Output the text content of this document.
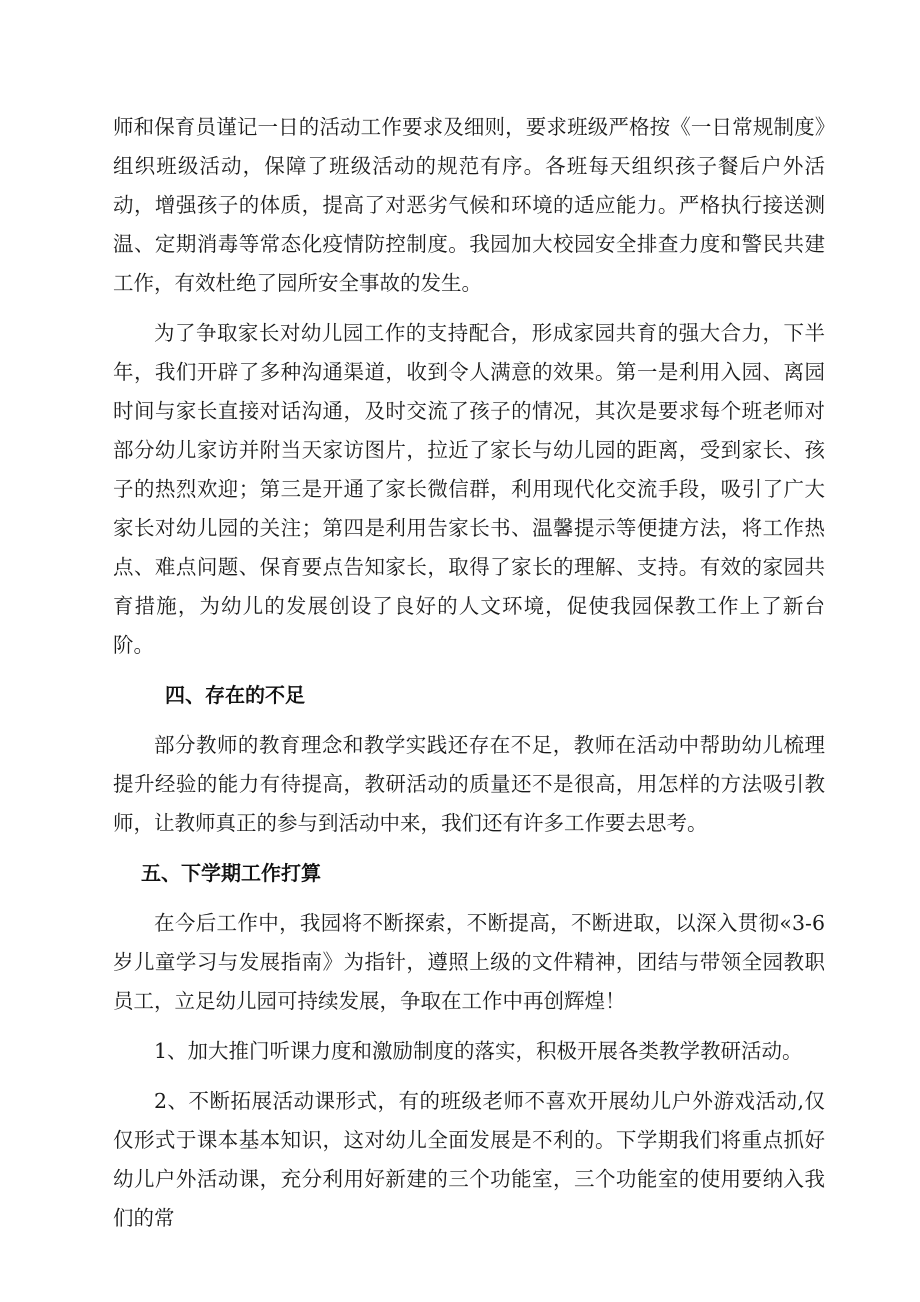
师和保育员谨记一日的活动工作要求及细则，要求班级严格按《一日常规制度》组织班级活动，保障了班级活动的规范有序。各班每天组织孩子餐后户外活动，增强孩子的体质，提高了对恶劣气候和环境的适应能力。严格执行接送测温、定期消毒等常态化疫情防控制度。我园加大校园安全排查力度和警民共建工作，有效杜绝了园所安全事故的发生。

为了争取家长对幼儿园工作的支持配合，形成家园共育的强大合力，下半年，我们开辟了多种沟通渠道，收到令人满意的效果。第一是利用入园、离园时间与家长直接对话沟通，及时交流了孩子的情况，其次是要求每个班老师对部分幼儿家访并附当天家访图片，拉近了家长与幼儿园的距离，受到家长、孩子的热烈欢迎；第三是开通了家长微信群，利用现代化交流手段，吸引了广大家长对幼儿园的关注；第四是利用告家长书、温馨提示等便捷方法，将工作热点、难点问题、保育要点告知家长，取得了家长的理解、支持。有效的家园共育措施，为幼儿的发展创设了良好的人文环境，促使我园保教工作上了新台阶。

四、存在的不足

部分教师的教育理念和教学实践还存在不足，教师在活动中帮助幼儿梳理提升经验的能力有待提高，教研活动的质量还不是很高，用怎样的方法吸引教师，让教师真正的参与到活动中来，我们还有许多工作要去思考。

五、下学期工作打算

在今后工作中，我园将不断探索，不断提高，不断进取，以深入贯彻«3-6岁儿童学习与发展指南》为指针，遵照上级的文件精神，团结与带领全园教职员工，立足幼儿园可持续发展，争取在工作中再创辉煌！

1、加大推门听课力度和激励制度的落实，积极开展各类教学教研活动。

2、不断拓展活动课形式，有的班级老师不喜欢开展幼儿户外游戏活动,仅仅形式于课本基本知识，这对幼儿全面发展是不利的。下学期我们将重点抓好幼儿户外活动课，充分利用好新建的三个功能室，三个功能室的使用要纳入我们的常
